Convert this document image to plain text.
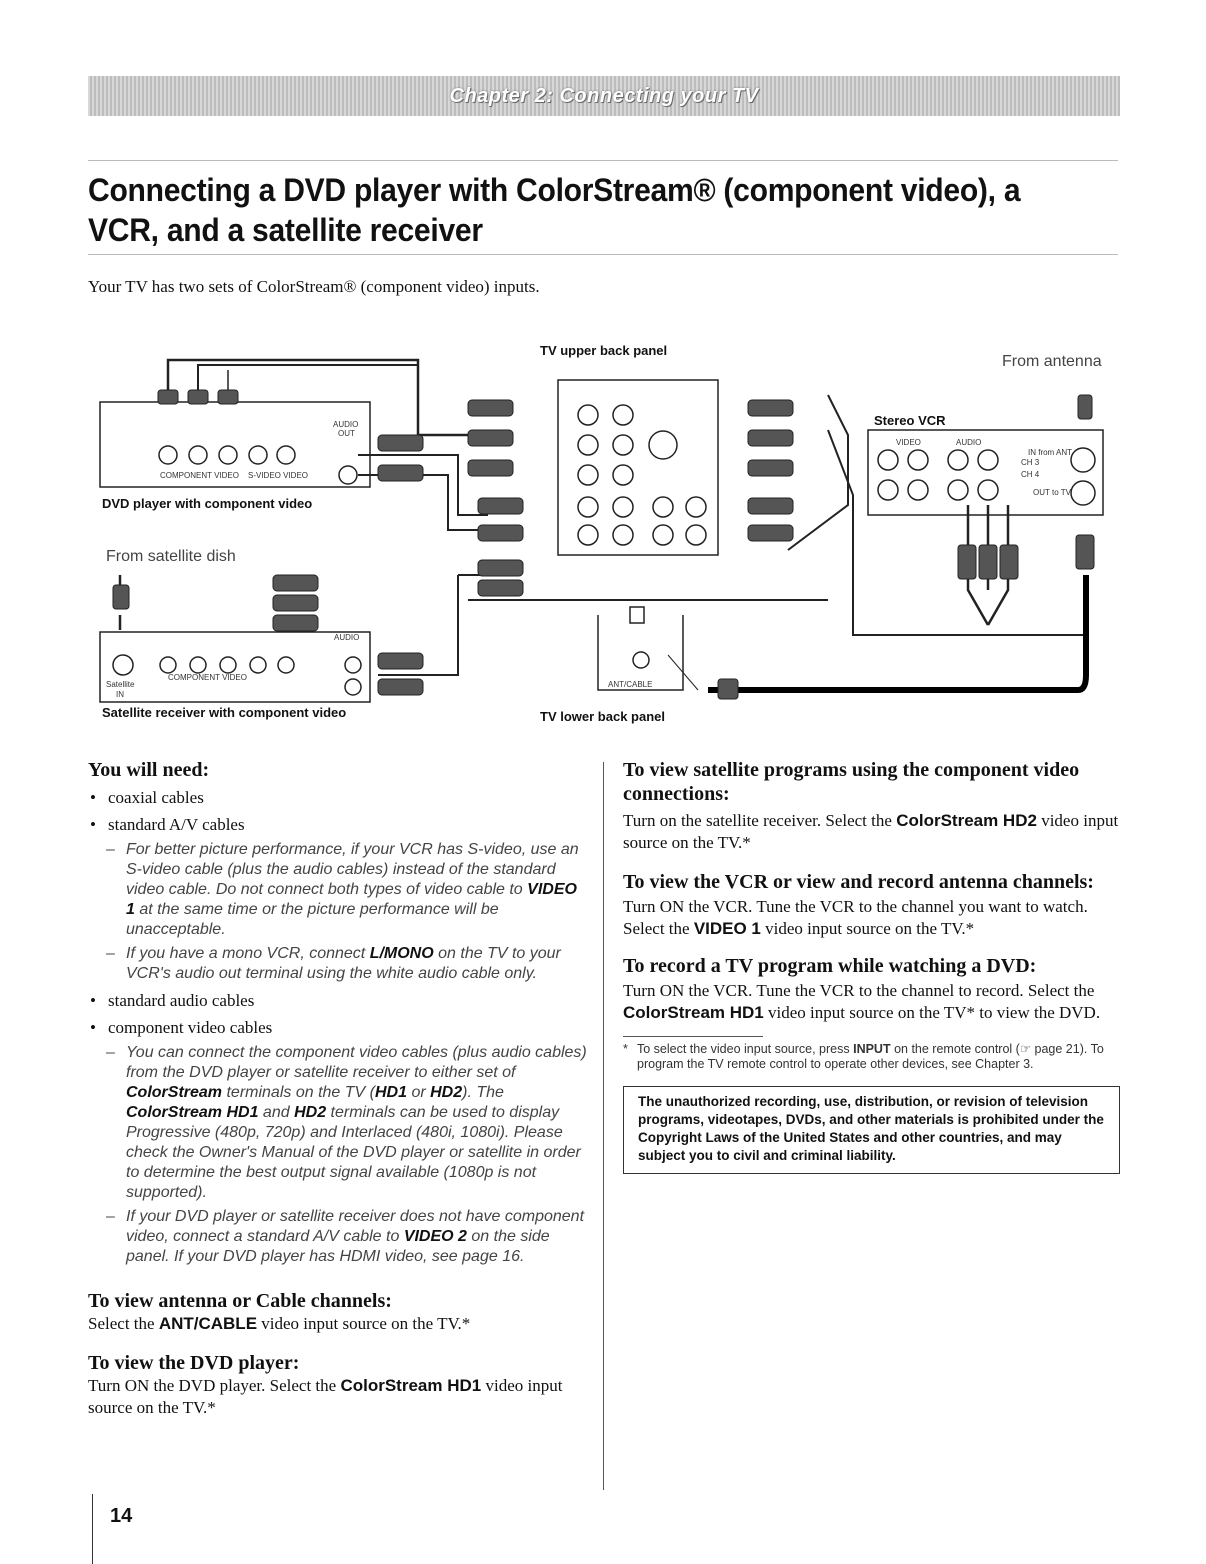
Chapter 2: Connecting your TV
Connecting a DVD player with ColorStream® (component video), a VCR, and a satellite receiver
Your TV has two sets of ColorStream® (component video) inputs.
COMPONENT VIDEO S-VIDEO VIDEO
AUDIO
OUT
VIDEO	AUDIO
CH 3
CH 4
IN from ANT
OUT to TV
COMPONENT VIDEO
Satellite
IN
AUDIO
ANT/CABLE
TV upper back panel
From antenna
Stereo VCR
DVD player with component video
From satellite dish
Satellite receiver with component video	TV lower back panel
You will need:
• coaxial cables
• standard A/V cables
– For better picture performance, if your VCR has S-video, use an S-video cable (plus the audio cables) instead of the standard video cable. Do not connect both types of video cable to VIDEO 1 at the same time or the picture performance will be unacceptable.
– If you have a mono VCR, connect L/MONO on the TV to your VCR's audio out terminal using the white audio cable only.
• standard audio cables
• component video cables
– You can connect the component video cables (plus audio cables) from the DVD player or satellite receiver to either set of ColorStream terminals on the TV (HD1 or HD2). The ColorStream HD1 and HD2 terminals can be used to display Progressive (480p, 720p) and Interlaced (480i, 1080i). Please check the Owner's Manual of the DVD player or satellite in order to determine the best output signal available (1080p is not supported).
– If your DVD player or satellite receiver does not have component video, connect a standard A/V cable to VIDEO 2 on the side panel. If your DVD player has HDMI video, see page 16.
To view antenna or Cable channels:
Select the ANT/CABLE video input source on the TV.*
To view the DVD player:
Turn ON the DVD player. Select the ColorStream HD1 video input source on the TV.*
To view satellite programs using the component video connections:
Turn on the satellite receiver. Select the ColorStream HD2 video input source on the TV.*
To view the VCR or view and record antenna channels:
Turn ON the VCR. Tune the VCR to the channel you want to watch. Select the VIDEO 1 video input source on the TV.*
To record a TV program while watching a DVD:
Turn ON the VCR. Tune the VCR to the channel to record. Select the ColorStream HD1 video input source on the TV* to view the DVD.
* To select the video input source, press INPUT on the remote control (☞ page 21). To program the TV remote control to operate other devices, see Chapter 3.
The unauthorized recording, use, distribution, or revision of television programs, videotapes, DVDs, and other materials is prohibited under the Copyright Laws of the United States and other countries, and may subject you to civil and criminal liability.
14
